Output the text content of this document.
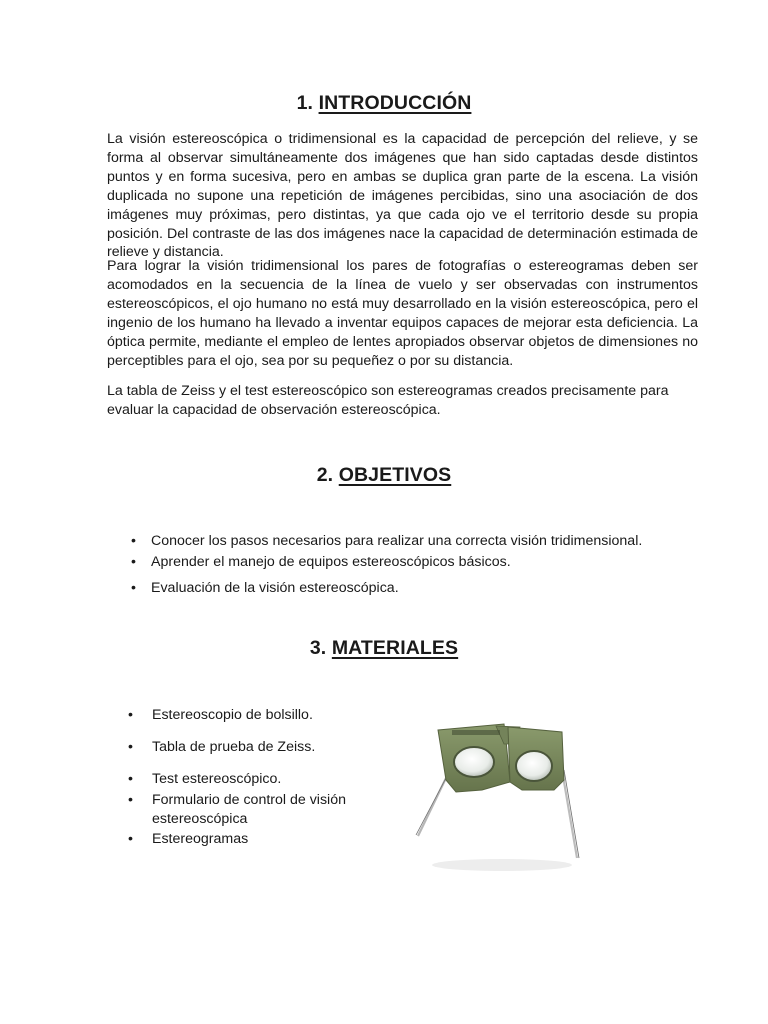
1. INTRODUCCIÓN

La visión estereoscópica o tridimensional es la capacidad de percepción del relieve, y se forma al observar simultáneamente dos imágenes que han sido captadas desde distintos puntos y en forma sucesiva, pero en ambas se duplica gran parte de la escena. La visión duplicada no supone una repetición de imágenes percibidas, sino una asociación de dos imágenes muy próximas, pero distintas, ya que cada ojo ve el territorio desde su propia posición. Del contraste de las dos imágenes nace la capacidad de determinación estimada de relieve y distancia.

Para lograr la visión tridimensional los pares de fotografías o estereogramas deben ser acomodados en la secuencia de la línea de vuelo y ser observadas con instrumentos estereoscópicos, el ojo humano no está muy desarrollado en la visión estereoscópica, pero el ingenio de los humano ha llevado a inventar equipos capaces de mejorar esta deficiencia. La óptica permite, mediante el empleo de lentes apropiados observar objetos de dimensiones no perceptibles para el ojo, sea por su pequeñez o por su distancia.

La tabla de Zeiss y el test estereoscópico son estereogramas creados precisamente para evaluar la capacidad de observación estereoscópica.

2. OBJETIVOS
•	Conocer los pasos necesarios para realizar una correcta visión tridimensional.
•	Aprender el manejo de equipos estereoscópicos básicos.
•	Evaluación de la visión estereoscópica.
3. MATERIALES
•	Estereoscopio de bolsillo.
•	Tabla de prueba de Zeiss.
•	Test estereoscópico.
•	Formulario de control de visión
estereoscópica
•	Estereogramas
